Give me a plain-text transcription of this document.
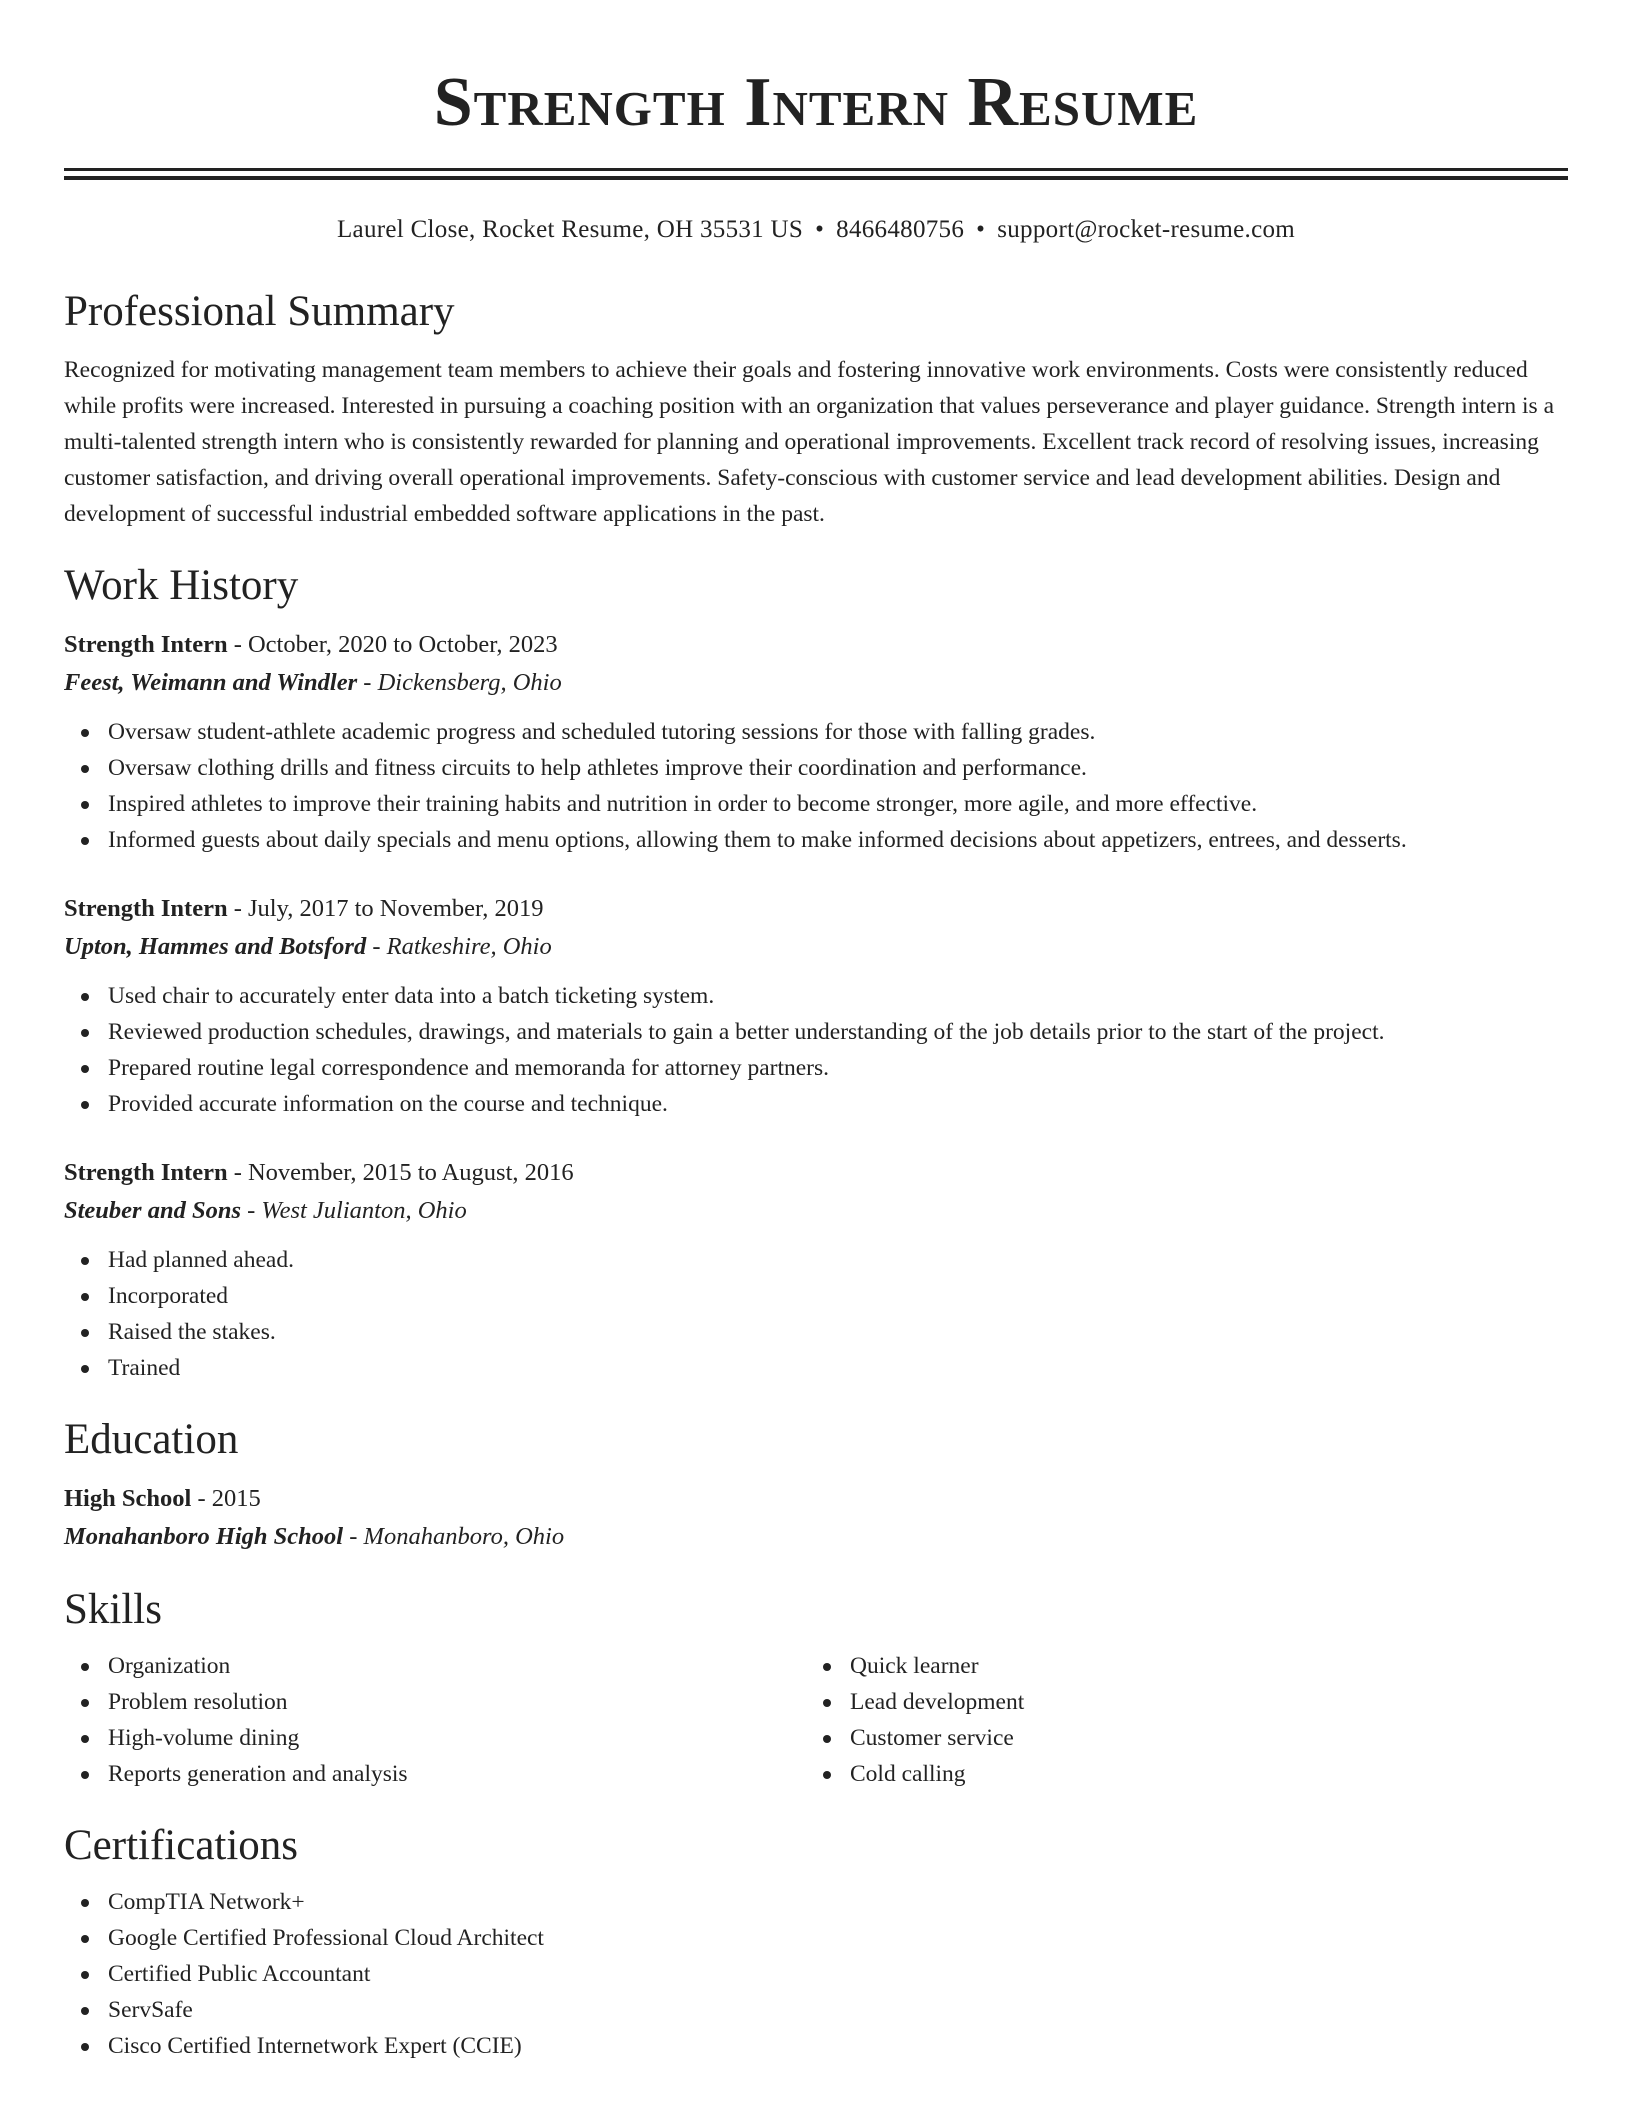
Strength Intern Resume
Laurel Close, Rocket Resume, OH 35531 US • 8466480756 • support@rocket-resume.com
Professional Summary

Recognized for motivating management team members to achieve their goals and fostering innovative work environments. Costs were consistently reduced while profits were increased. Interested in pursuing a coaching position with an organization that values perseverance and player guidance. Strength intern is a multi-talented strength intern who is consistently rewarded for planning and operational improvements. Excellent track record of resolving issues, increasing customer satisfaction, and driving overall operational improvements. Safety-conscious with customer service and lead development abilities. Design and development of successful industrial embedded software applications in the past.

Work History

Strength Intern - October, 2020 to October, 2023

Feest, Weimann and Windler - Dickensberg, Ohio

Oversaw student-athlete academic progress and scheduled tutoring sessions for those with falling grades.
Oversaw clothing drills and fitness circuits to help athletes improve their coordination and performance.
Inspired athletes to improve their training habits and nutrition in order to become stronger, more agile, and more effective.
Informed guests about daily specials and menu options, allowing them to make informed decisions about appetizers, entrees, and desserts.

Strength Intern - July, 2017 to November, 2019

Upton, Hammes and Botsford - Ratkeshire, Ohio

Used chair to accurately enter data into a batch ticketing system.
Reviewed production schedules, drawings, and materials to gain a better understanding of the job details prior to the start of the project.
Prepared routine legal correspondence and memoranda for attorney partners.
Provided accurate information on the course and technique.

Strength Intern - November, 2015 to August, 2016

Steuber and Sons - West Julianton, Ohio

Had planned ahead.
Incorporated
Raised the stakes.
Trained
Education

High School - 2015

Monahanboro High School - Monahanboro, Ohio

Skills
Organization
Problem resolution
High-volume dining
Reports generation and analysis
Quick learner
Lead development
Customer service
Cold calling
Certifications
CompTIA Network+
Google Certified Professional Cloud Architect
Certified Public Accountant
ServSafe
Cisco Certified Internetwork Expert (CCIE)
